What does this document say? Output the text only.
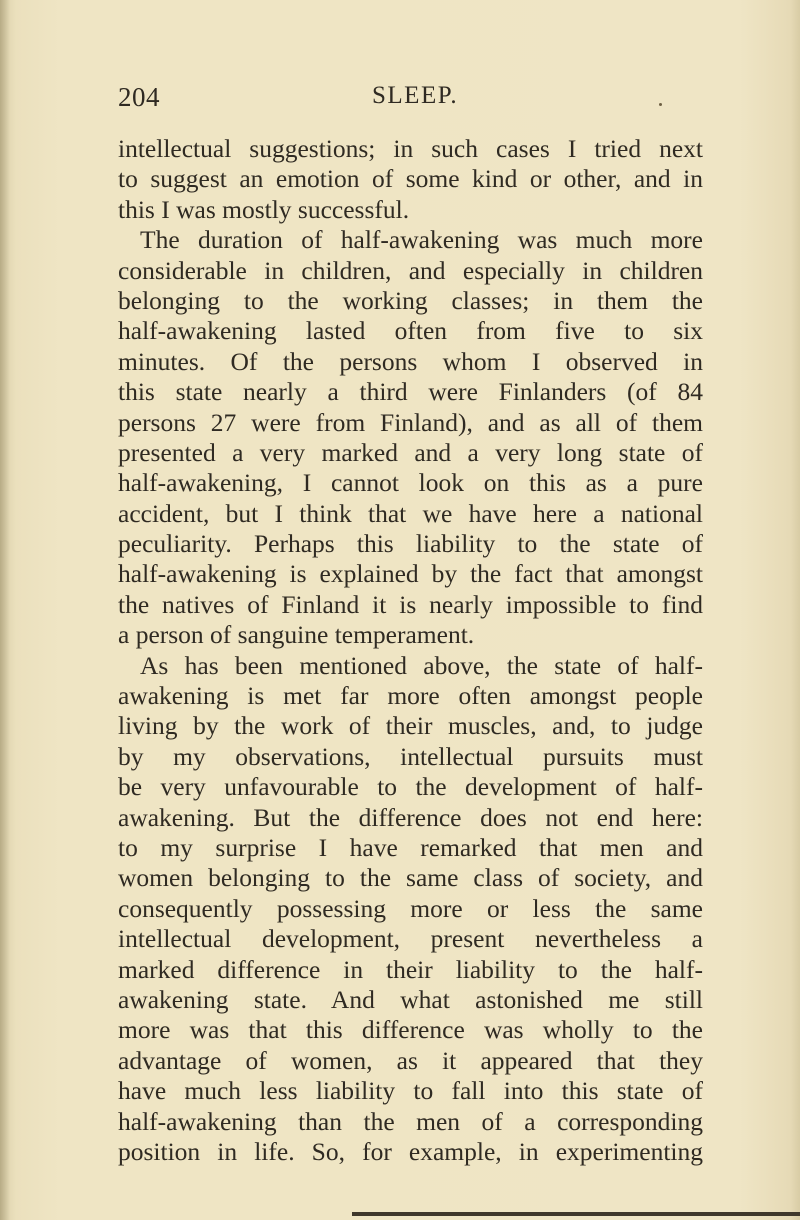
204	SLEEP.
intellectual suggestions; in such cases I tried next
to suggest an emotion of some kind or other, and in
this I was mostly successful.
The duration of half-awakening was much more
considerable in children, and especially in children
belonging to the working classes; in them the
half-awakening lasted often from five to six
minutes. Of the persons whom I observed in
this state nearly a third were Finlanders (of 84
persons 27 were from Finland), and as all of them
presented a very marked and a very long state of
half-awakening, I cannot look on this as a pure
accident, but I think that we have here a national
peculiarity. Perhaps this liability to the state of
half-awakening is explained by the fact that amongst
the natives of Finland it is nearly impossible to find
a person of sanguine temperament.
As has been mentioned above, the state of half-
awakening is met far more often amongst people
living by the work of their muscles, and, to judge
by my observations, intellectual pursuits must
be very unfavourable to the development of half-
awakening. But the difference does not end here:
to my surprise I have remarked that men and
women belonging to the same class of society, and
consequently possessing more or less the same
intellectual development, present nevertheless a
marked difference in their liability to the half-
awakening state. And what astonished me still
more was that this difference was wholly to the
advantage of women, as it appeared that they
have much less liability to fall into this state of
half-awakening than the men of a corresponding
position in life. So, for example, in experimenting
